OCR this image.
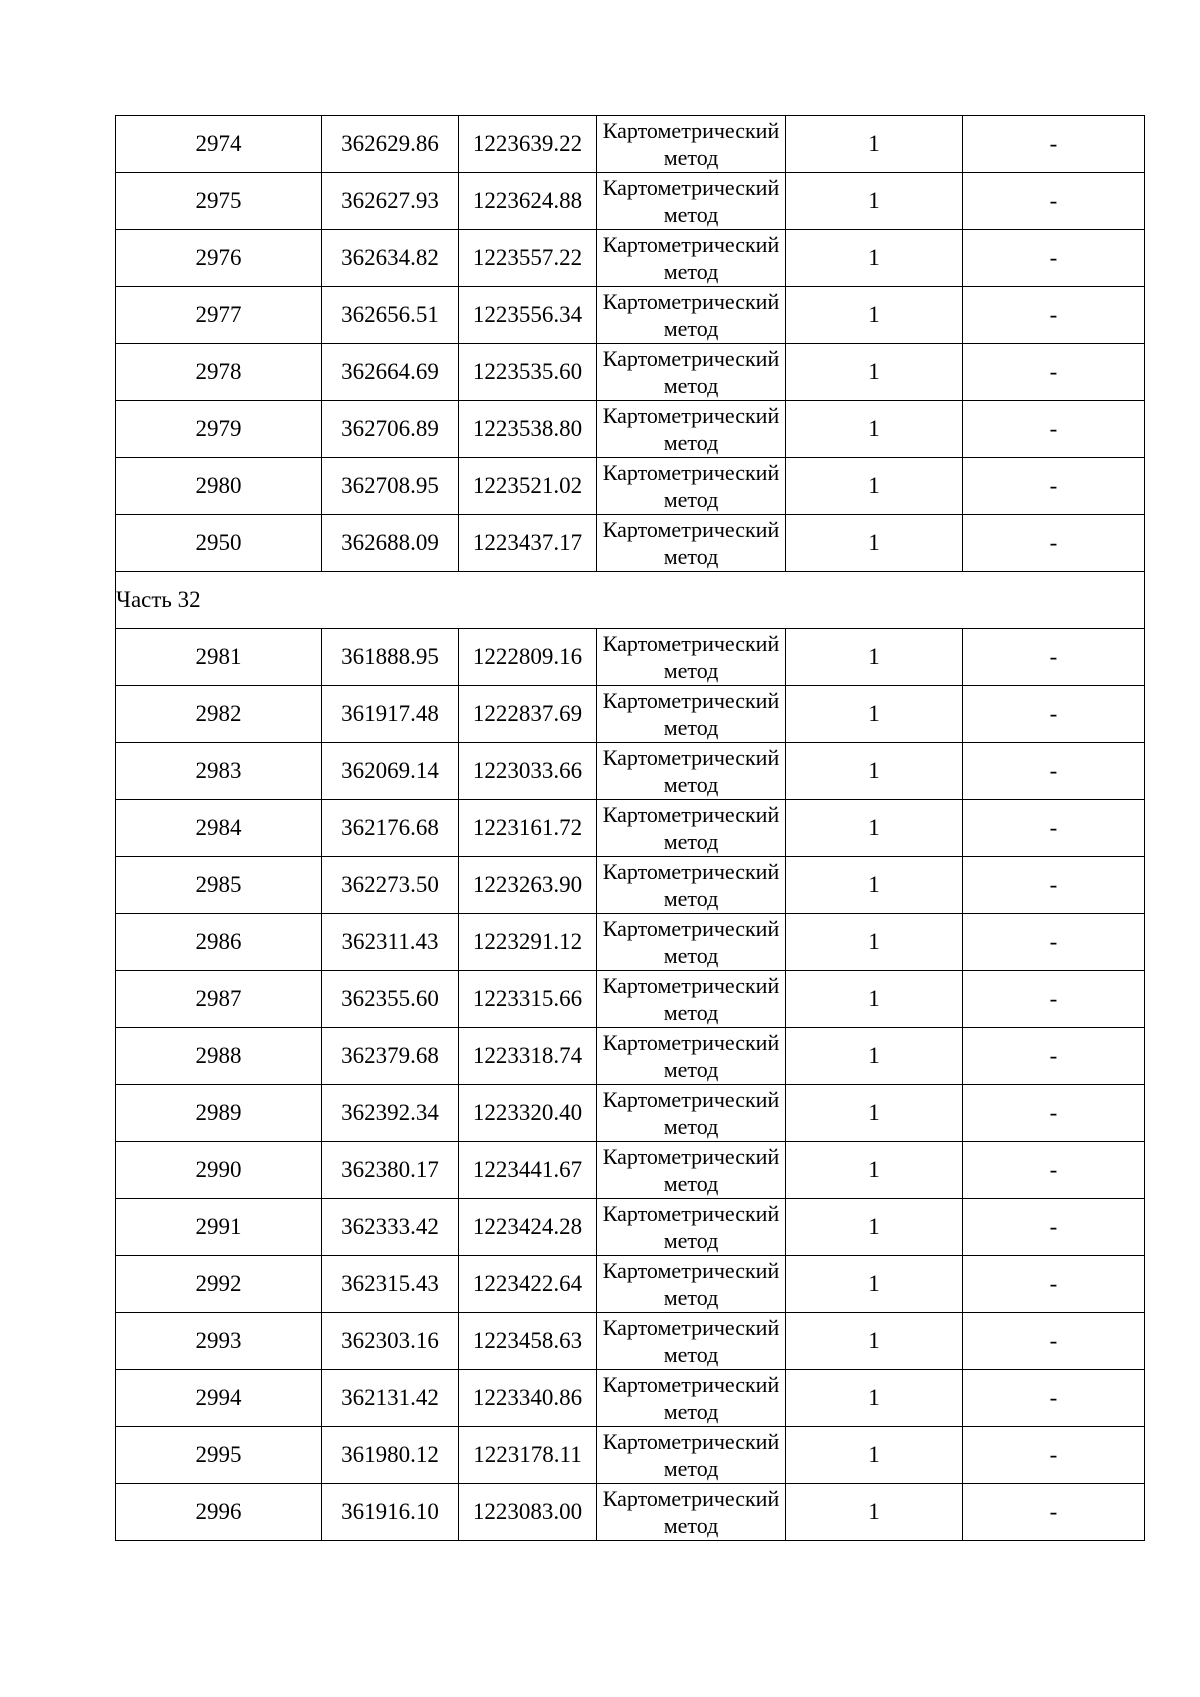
2974	362629.86	1223639.22	Картометрический метод	1	-
2975	362627.93	1223624.88	Картометрический метод	1	-
2976	362634.82	1223557.22	Картометрический метод	1	-
2977	362656.51	1223556.34	Картометрический метод	1	-
2978	362664.69	1223535.60	Картометрический метод	1	-
2979	362706.89	1223538.80	Картометрический метод	1	-
2980	362708.95	1223521.02	Картометрический метод	1	-
2950	362688.09	1223437.17	Картометрический метод	1	-
Часть 32					
2981	361888.95	1222809.16	Картометрический метод	1	-
2982	361917.48	1222837.69	Картометрический метод	1	-
2983	362069.14	1223033.66	Картометрический метод	1	-
2984	362176.68	1223161.72	Картометрический метод	1	-
2985	362273.50	1223263.90	Картометрический метод	1	-
2986	362311.43	1223291.12	Картометрический метод	1	-
2987	362355.60	1223315.66	Картометрический метод	1	-
2988	362379.68	1223318.74	Картометрический метод	1	-
2989	362392.34	1223320.40	Картометрический метод	1	-
2990	362380.17	1223441.67	Картометрический метод	1	-
2991	362333.42	1223424.28	Картометрический метод	1	-
2992	362315.43	1223422.64	Картометрический метод	1	-
2993	362303.16	1223458.63	Картометрический метод	1	-
2994	362131.42	1223340.86	Картометрический метод	1	-
2995	361980.12	1223178.11	Картометрический метод	1	-
2996	361916.10	1223083.00	Картометрический метод	1	-
